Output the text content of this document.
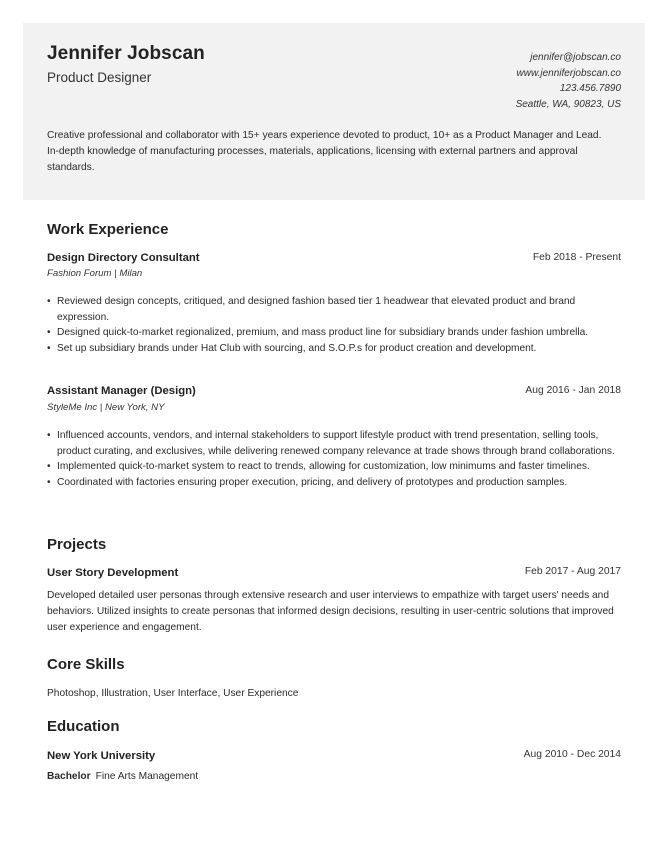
Jennifer Jobscan
Product Designer
jennifer@jobscan.co
www.jenniferjobscan.co
123.456.7890
Seattle, WA, 90823, US
Creative professional and collaborator with 15+ years experience devoted to product, 10+ as a Product Manager and Lead. In-depth knowledge of manufacturing processes, materials, applications, licensing with external partners and approval standards.
Work Experience
Design Directory Consultant	Feb 2018 - Present
Fashion Forum | Milan
• Reviewed design concepts, critiqued, and designed fashion based tier 1 headwear that elevated product and brand expression.
• Designed quick-to-market regionalized, premium, and mass product line for subsidiary brands under fashion umbrella.
• Set up subsidiary brands under Hat Club with sourcing, and S.O.P.s for product creation and development.
Assistant Manager (Design)	Aug 2016 - Jan 2018
StyleMe Inc | New York, NY
• Influenced accounts, vendors, and internal stakeholders to support lifestyle product with trend presentation, selling tools, product curating, and exclusives, while delivering renewed company relevance at trade shows through brand collaborations.
• Implemented quick-to-market system to react to trends, allowing for customization, low minimums and faster timelines.
• Coordinated with factories ensuring proper execution, pricing, and delivery of prototypes and production samples.
Projects
User Story Development	Feb 2017 - Aug 2017
Developed detailed user personas through extensive research and user interviews to empathize with target users' needs and behaviors. Utilized insights to create personas that informed design decisions, resulting in user-centric solutions that improved user experience and engagement.
Core Skills
Photoshop, Illustration, User Interface, User Experience
Education
New York University	Aug 2010 - Dec 2014
Bachelor Fine Arts Management
